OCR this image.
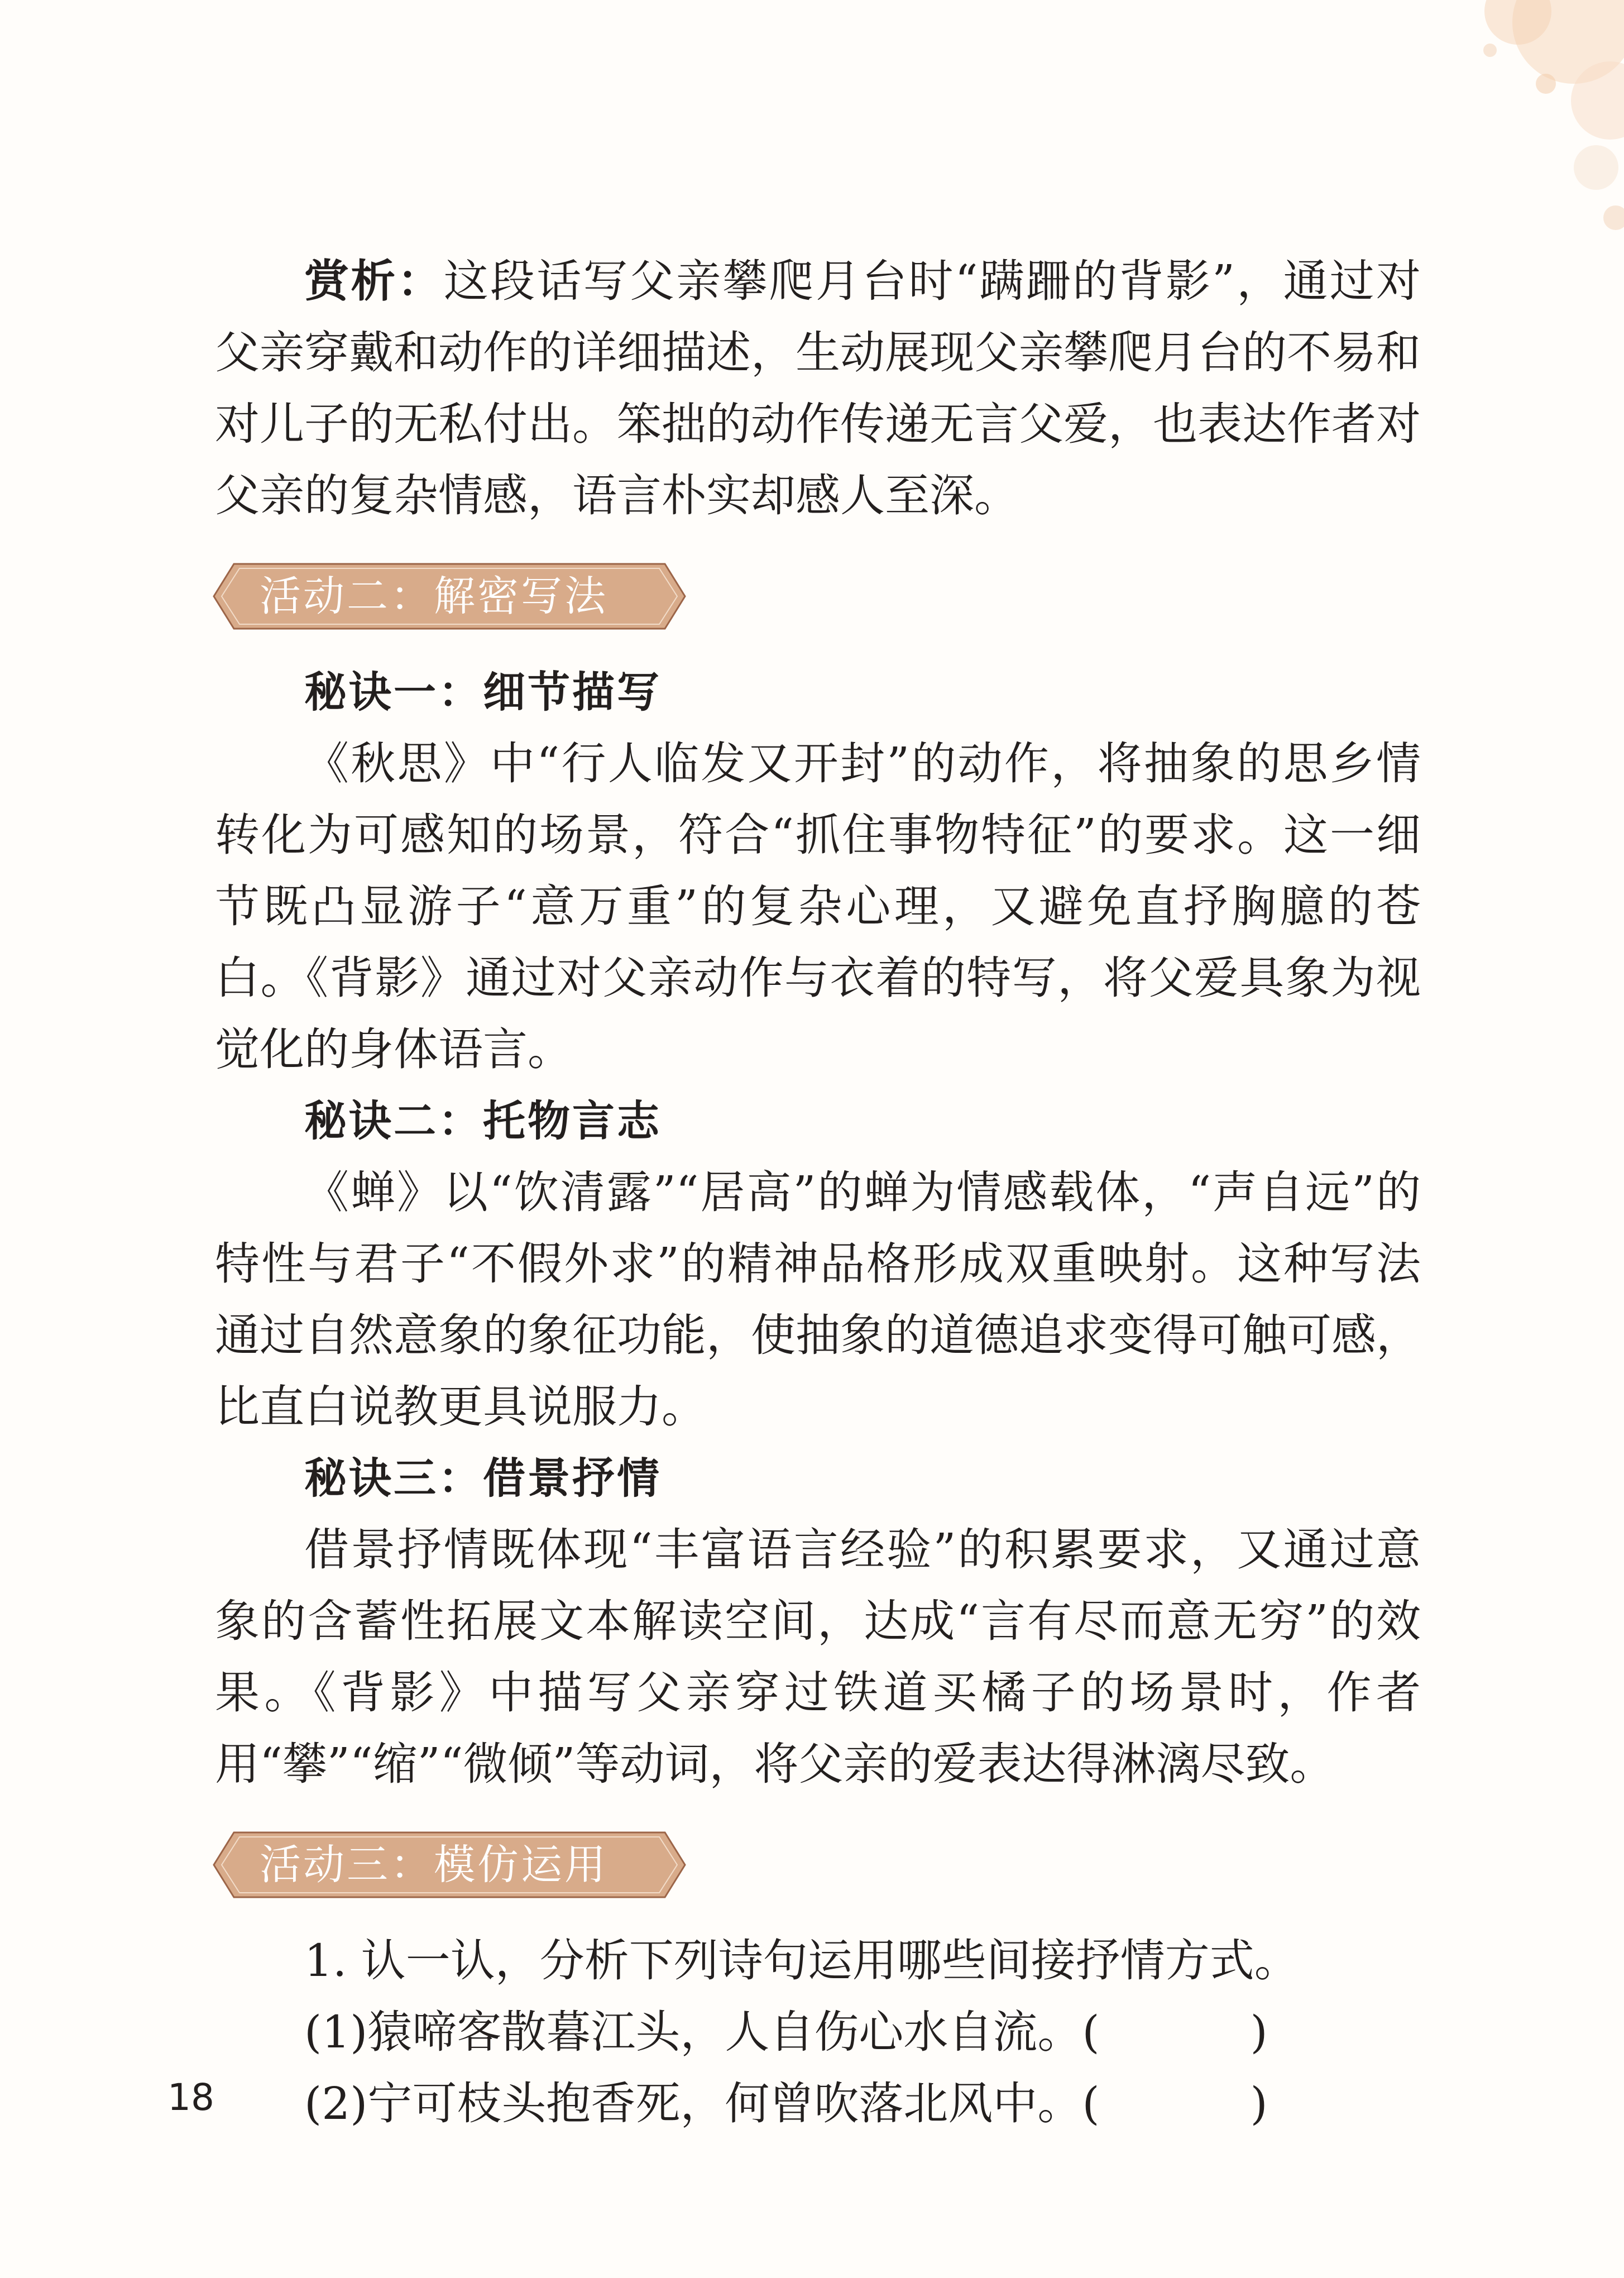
赏析：这段话写父亲攀爬月台时“蹒跚的背影”，通过对父亲穿戴和动作的详细描述，生动展现父亲攀爬月台的不易和对儿子的无私付出。笨拙的动作传递无言父爱，也表达作者对父亲的复杂情感，语言朴实却感人至深。

活动二：解密写法
秘诀一：细节描写

《秋思》中“行人临发又开封”的动作，将抽象的思乡情转化为可感知的场景，符合“抓住事物特征”的要求。这一细节既凸显游子“意万重”的复杂心理，又避免直抒胸臆的苍白。《背影》通过对父亲动作与衣着的特写，将父爱具象为视觉化的身体语言。

秘诀二：托物言志

《蝉》以“饮清露”“居高”的蝉为情感载体，“声自远”的特性与君子“不假外求”的精神品格形成双重映射。这种写法通过自然意象的象征功能，使抽象的道德追求变得可触可感，比直白说教更具说服力。

秘诀三：借景抒情

借景抒情既体现“丰富语言经验”的积累要求，又通过意象的含蓄性拓展文本解读空间，达成“言有尽而意无穷”的效果。《背影》中描写父亲穿过铁道买橘子的场景时，作者用“攀”“缩”“微倾”等动词，将父亲的爱表达得淋漓尽致。

活动三：模仿运用

1. 认一认，分析下列诗句运用哪些间接抒情方式。

(1)猿啼客散暮江头，人自伤心水自流。(	)

(2)宁可枝头抱香死，何曾吹落北风中。(	)

18
